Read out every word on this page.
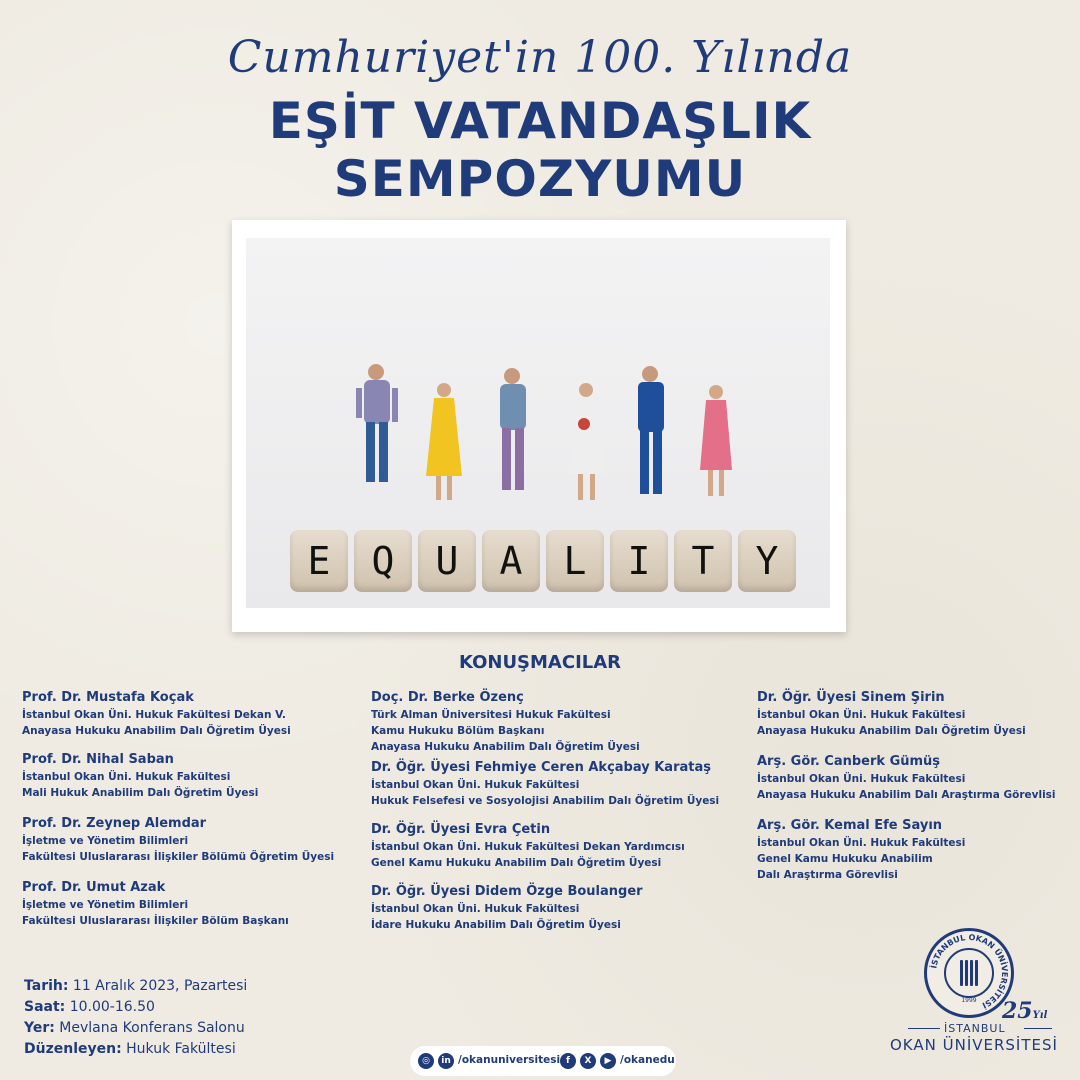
Cumhuriyet'in 100. Yılında
EŞİT VATANDAŞLIK
SEMPOZYUMU
E	Q	U	A	L	I	T	Y
KONUŞMACILAR
Prof. Dr. Mustafa Koçak
İstanbul Okan Üni. Hukuk Fakültesi Dekan V.
Anayasa Hukuku Anabilim Dalı Öğretim Üyesi
Prof. Dr. Nihal Saban
İstanbul Okan Üni. Hukuk Fakültesi
Mali Hukuk Anabilim Dalı Öğretim Üyesi
Prof. Dr. Zeynep Alemdar
İşletme ve Yönetim Bilimleri
Fakültesi Uluslararası İlişkiler Bölümü Öğretim Üyesi
Prof. Dr. Umut Azak
İşletme ve Yönetim Bilimleri
Fakültesi Uluslararası İlişkiler Bölüm Başkanı
Doç. Dr. Berke Özenç
Türk Alman Üniversitesi Hukuk Fakültesi
Kamu Hukuku Bölüm Başkanı
Anayasa Hukuku Anabilim Dalı Öğretim Üyesi
Dr. Öğr. Üyesi Fehmiye Ceren Akçabay Karataş
İstanbul Okan Üni. Hukuk Fakültesi
Hukuk Felsefesi ve Sosyolojisi Anabilim Dalı Öğretim Üyesi
Dr. Öğr. Üyesi Evra Çetin
İstanbul Okan Üni. Hukuk Fakültesi Dekan Yardımcısı
Genel Kamu Hukuku Anabilim Dalı Öğretim Üyesi
Dr. Öğr. Üyesi Didem Özge Boulanger
İstanbul Okan Üni. Hukuk Fakültesi
İdare Hukuku Anabilim Dalı Öğretim Üyesi
Dr. Öğr. Üyesi Sinem Şirin
İstanbul Okan Üni. Hukuk Fakültesi
Anayasa Hukuku Anabilim Dalı Öğretim Üyesi
Arş. Gör. Canberk Gümüş
İstanbul Okan Üni. Hukuk Fakültesi
Anayasa Hukuku Anabilim Dalı Araştırma Görevlisi
Arş. Gör. Kemal Efe Sayın
İstanbul Okan Üni. Hukuk Fakültesi
Genel Kamu Hukuku Anabilim
Dalı Araştırma Görevlisi
Tarih: 11 Aralık 2023, Pazartesi
Saat: 10.00-16.50
Yer: Mevlana Konferans Salonu
Düzenleyen: Hukuk Fakültesi
◎	in /okanuniversitesi f	X	▶ /okanedu
İSTANBUL OKAN ÜNİVERSİTESİ
1999	25Yıl
İSTANBUL
OKAN ÜNİVERSİTESİ
